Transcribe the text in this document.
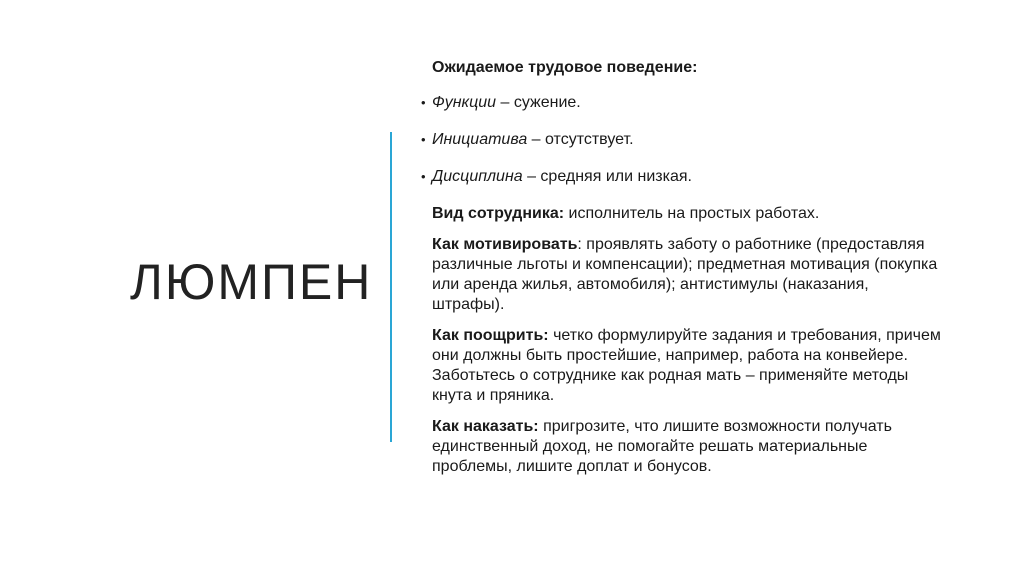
ЛЮМПЕН
Ожидаемое трудовое поведение:
• Функции – сужение.
• Инициатива – отсутствует.
• Дисциплина – средняя или низкая.
Вид сотрудника: исполнитель на простых работах.
Как мотивировать: проявлять заботу о работнике (предоставляя различные льготы и компенсации); предметная мотивация (покупка или аренда жилья, автомобиля); антистимулы (наказания, штрафы).
Как поощрить: четко формулируйте задания и требования, причем они должны быть простейшие, например, работа на конвейере. Заботьтесь о сотруднике как родная мать – применяйте методы кнута и пряника.
Как наказать: пригрозите, что лишите возможности получать единственный доход, не помогайте решать материальные проблемы, лишите доплат и бонусов.
